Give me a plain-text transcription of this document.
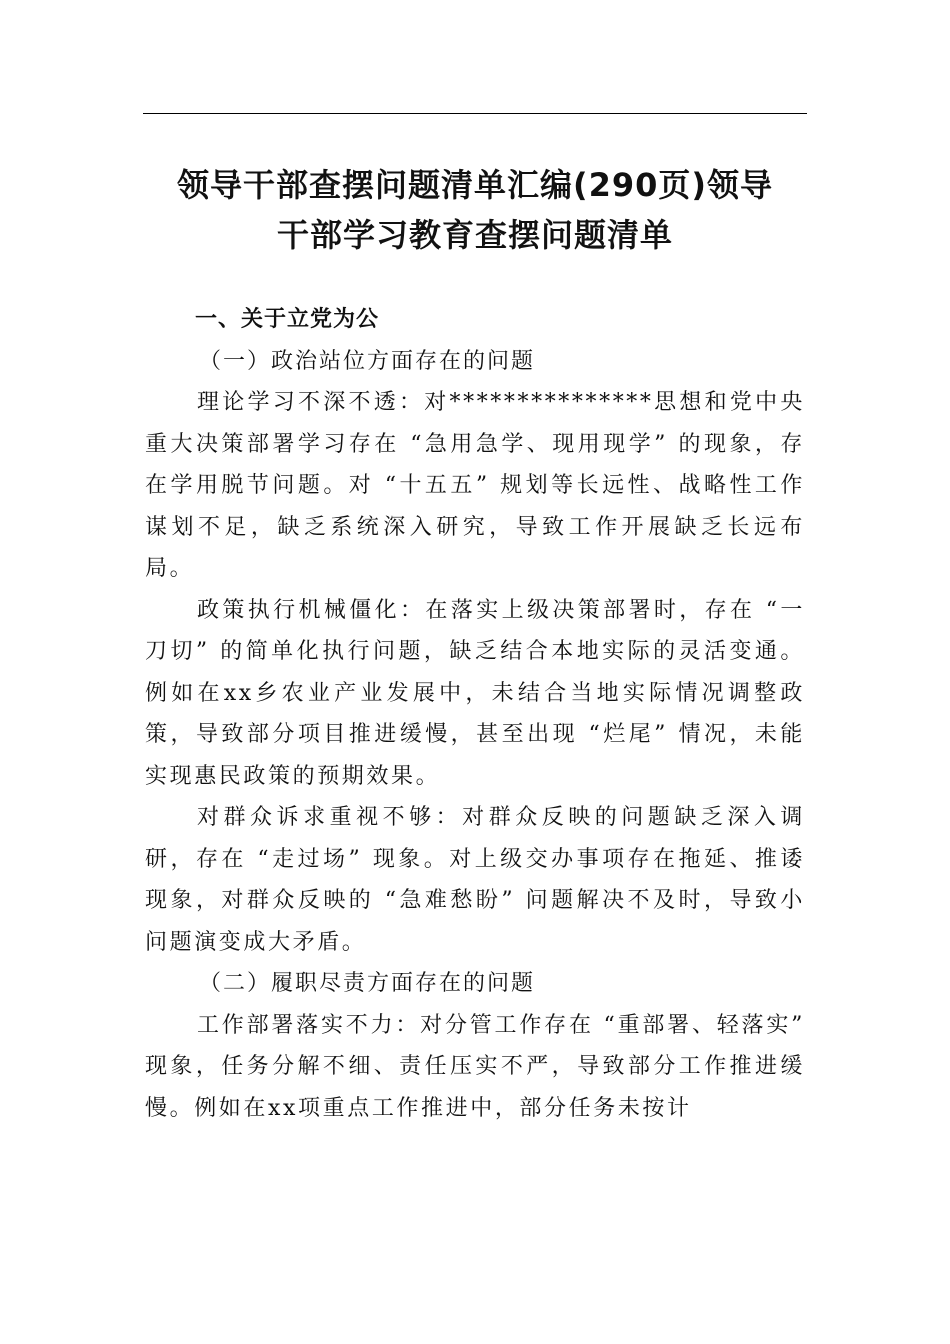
领导干部查摆问题清单汇编(290页)领导
干部学习教育查摆问题清单

一、关于立党为公

（一）政治站位方面存在的问题

理论学习不深不透：对***************思想和党中央重大决策部署学习存在 “急用急学、现用现学” 的现象，存在学用脱节问题。对 “十五五” 规划等长远性、战略性工作谋划不足，缺乏系统深入研究，导致工作开展缺乏长远布局。

政策执行机械僵化：在落实上级决策部署时，存在 “一刀切” 的简单化执行问题，缺乏结合本地实际的灵活变通。例如在xx乡农业产业发展中，未结合当地实际情况调整政策，导致部分项目推进缓慢，甚至出现 “烂尾” 情况，未能实现惠民政策的预期效果。

对群众诉求重视不够：对群众反映的问题缺乏深入调研，存在 “走过场” 现象。对上级交办事项存在拖延、推诿现象，对群众反映的 “急难愁盼” 问题解决不及时，导致小问题演变成大矛盾。

（二）履职尽责方面存在的问题

工作部署落实不力：对分管工作存在 “重部署、轻落实” 现象，任务分解不细、责任压实不严，导致部分工作推进缓慢。例如在xx项重点工作推进中，部分任务未按计
